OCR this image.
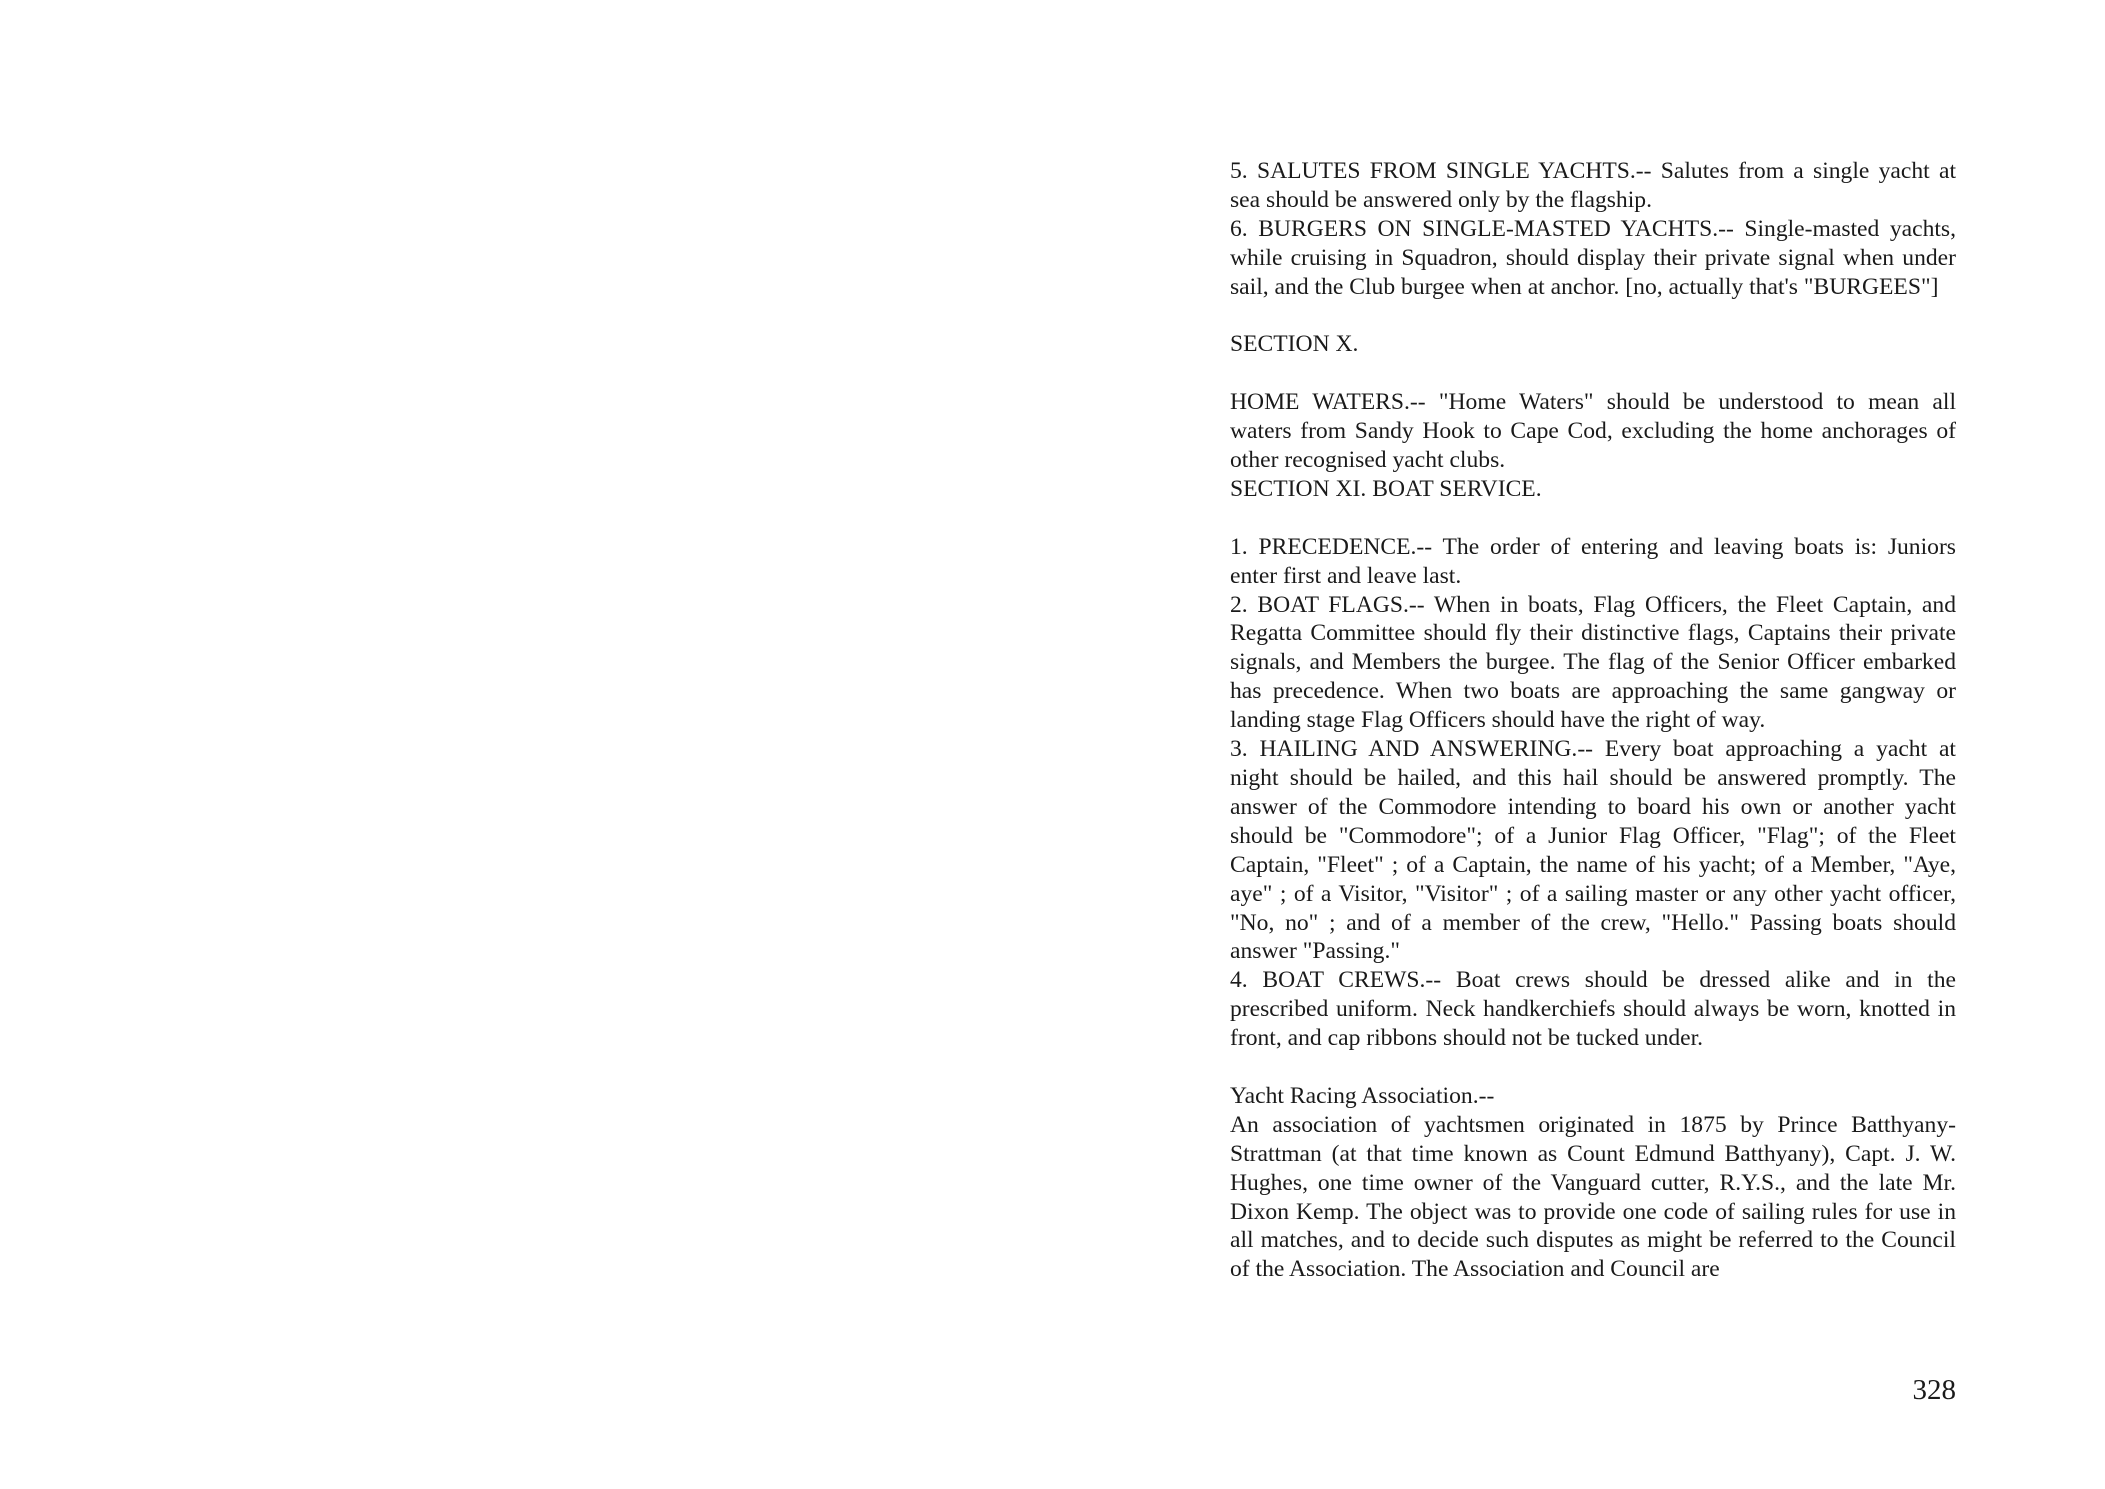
5. SALUTES FROM SINGLE YACHTS.-- Salutes from a single yacht at sea should be answered only by the flagship.

6. BURGERS ON SINGLE-MASTED YACHTS.-- Single-masted yachts, while cruising in Squadron, should display their private signal when under sail, and the Club burgee when at anchor. [no, actually that's "BURGEES"]

SECTION X.

HOME WATERS.-- "Home Waters" should be understood to mean all waters from Sandy Hook to Cape Cod, excluding the home anchorages of other recognised yacht clubs.

SECTION XI. BOAT SERVICE.

1. PRECEDENCE.-- The order of entering and leaving boats is: Juniors enter first and leave last.

2. BOAT FLAGS.-- When in boats, Flag Officers, the Fleet Captain, and Regatta Committee should fly their distinctive flags, Captains their private signals, and Members the burgee. The flag of the Senior Officer embarked has precedence. When two boats are approaching the same gangway or landing stage Flag Officers should have the right of way.

3. HAILING AND ANSWERING.-- Every boat approaching a yacht at night should be hailed, and this hail should be answered promptly. The answer of the Commodore intending to board his own or another yacht should be "Commodore"; of a Junior Flag Officer, "Flag"; of the Fleet Captain, "Fleet" ; of a Captain, the name of his yacht; of a Member, "Aye, aye" ; of a Visitor, "Visitor" ; of a sailing master or any other yacht officer, "No, no" ; and of a member of the crew, "Hello." Passing boats should answer "Passing."

4. BOAT CREWS.-- Boat crews should be dressed alike and in the prescribed uniform. Neck handkerchiefs should always be worn, knotted in front, and cap ribbons should not be tucked under.

Yacht Racing Association.--

An association of yachtsmen originated in 1875 by Prince Batthyany-Strattman (at that time known as Count Edmund Batthyany), Capt. J. W. Hughes, one time owner of the Vanguard cutter, R.Y.S., and the late Mr. Dixon Kemp. The object was to provide one code of sailing rules for use in all matches, and to decide such disputes as might be referred to the Council of the Association. The Association and Council are

328
